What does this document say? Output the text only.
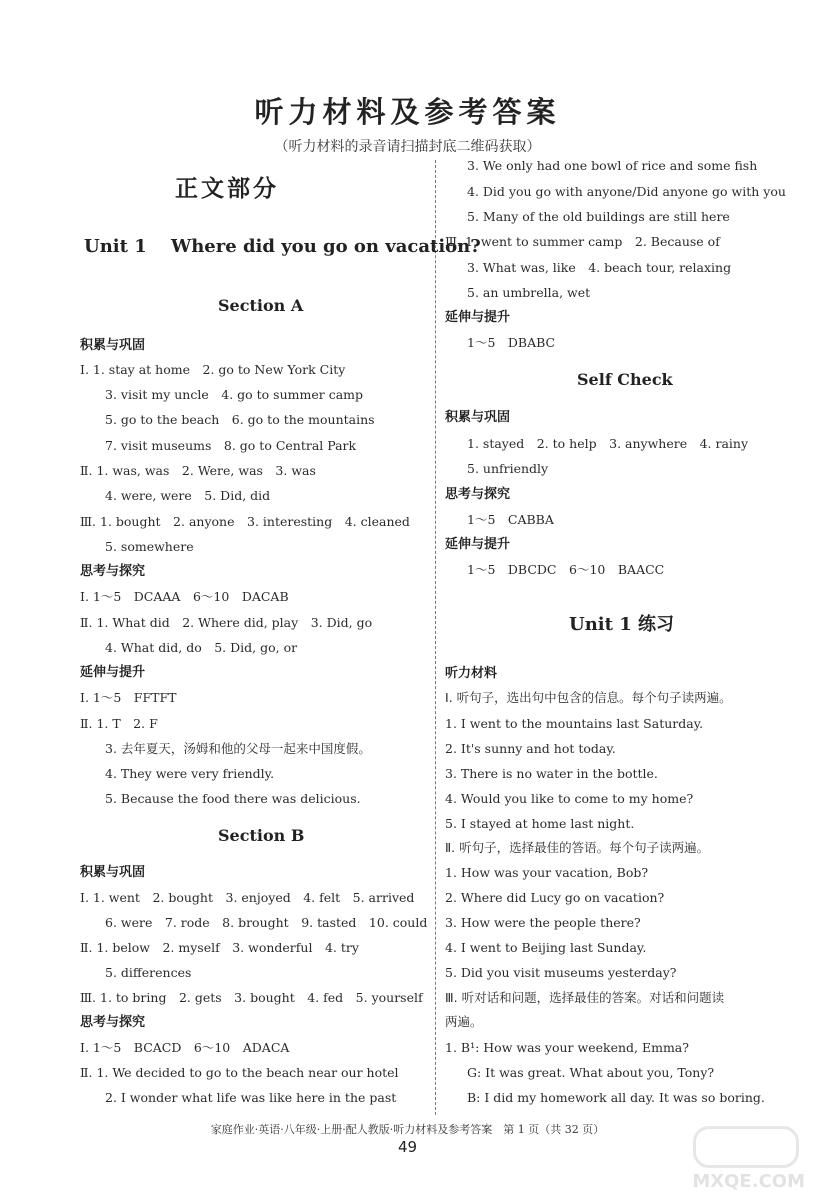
听力材料及参考答案
（听力材料的录音请扫描封底二维码获取）
正文部分
Unit 1　 Where did you go on vacation?
Section A
积累与巩固
Ⅰ. 1. stay at home　2. go to New York City
3. visit my uncle　4. go to summer camp
5. go to the beach　6. go to the mountains
7. visit museums　8. go to Central Park
Ⅱ. 1. was, was　2. Were, was　3. was
4. were, were　5. Did, did
Ⅲ. 1. bought　2. anyone　3. interesting　4. cleaned
5. somewhere
思考与探究
Ⅰ. 1～5　DCAAA　6～10　DACAB
Ⅱ. 1. What did　2. Where did, play　3. Did, go
4. What did, do　5. Did, go, or
延伸与提升
Ⅰ. 1～5　FFTFT
Ⅱ. 1. T　2. F
3. 去年夏天，汤姆和他的父母一起来中国度假。
4. They were very friendly.
5. Because the food there was delicious.
Section B
积累与巩固
Ⅰ. 1. went　2. bought　3. enjoyed　4. felt　5. arrived
6. were　7. rode　8. brought　9. tasted　10. could
Ⅱ. 1. below　2. myself　3. wonderful　4. try
5. differences
Ⅲ. 1. to bring　2. gets　3. bought　4. fed　5. yourself
思考与探究
Ⅰ. 1～5　BCACD　6～10　ADACA
Ⅱ. 1. We decided to go to the beach near our hotel
2. I wonder what life was like here in the past
3. We only had one bowl of rice and some fish
4. Did you go with anyone/Did anyone go with you
5. Many of the old buildings are still here
Ⅲ. 1. went to summer camp　2. Because of
3. What was, like　4. beach tour, relaxing
5. an umbrella, wet
延伸与提升
1～5　DBABC
Self Check
积累与巩固
1. stayed　2. to help　3. anywhere　4. rainy
5. unfriendly
思考与探究
1～5　CABBA
延伸与提升
1～5　DBCDC　6～10　BAACC
Unit 1 练习
听力材料
Ⅰ. 听句子，选出句中包含的信息。每个句子读两遍。
1. I went to the mountains last Saturday.
2. It's sunny and hot today.
3. There is no water in the bottle.
4. Would you like to come to my home?
5. I stayed at home last night.
Ⅱ. 听句子，选择最佳的答语。每个句子读两遍。
1. How was your vacation, Bob?
2. Where did Lucy go on vacation?
3. How were the people there?
4. I went to Beijing last Sunday.
5. Did you visit museums yesterday?
Ⅲ. 听对话和问题，选择最佳的答案。对话和问题读
两遍。
1. B¹: How was your weekend, Emma?
G: It was great. What about you, Tony?
B: I did my homework all day. It was so boring.
家庭作业·英语·八年级·上册·配人教版·听力材料及参考答案　第 1 页（共 32 页）
49
MXQE.COM
